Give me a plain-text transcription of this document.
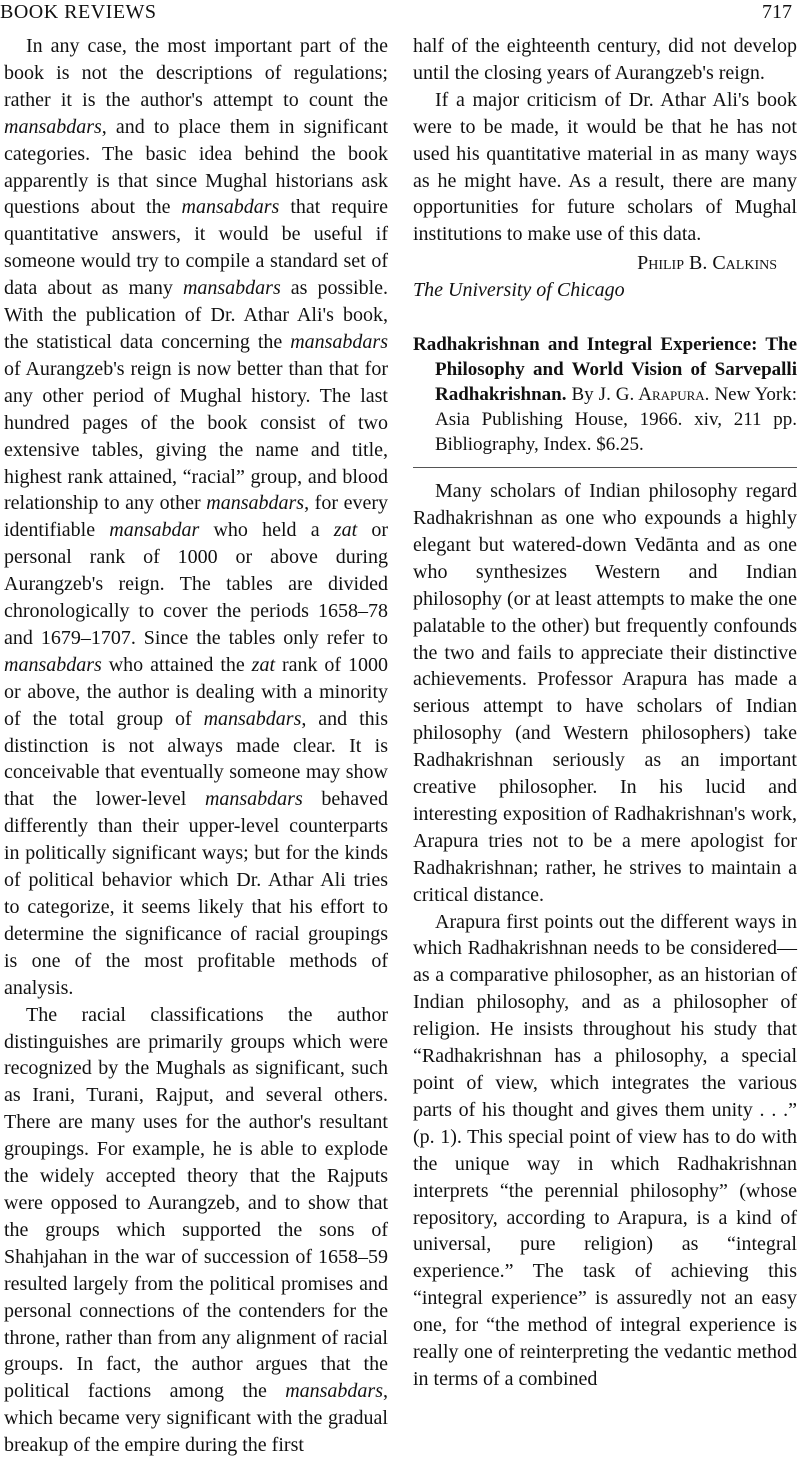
BOOK REVIEWS	717

In any case, the most important part of the book is not the descriptions of regulations; rather it is the author's attempt to count the mansabdars, and to place them in significant categories. The basic idea behind the book apparently is that since Mughal historians ask questions about the mansabdars that require quantitative answers, it would be useful if someone would try to compile a standard set of data about as many mansabdars as possible. With the publication of Dr. Athar Ali's book, the statistical data concerning the mansabdars of Aurangzeb's reign is now better than that for any other period of Mughal history. The last hundred pages of the book consist of two extensive tables, giving the name and title, highest rank attained, “racial” group, and blood relationship to any other mansabdars, for every identifiable mansabdar who held a zat or personal rank of 1000 or above during Aurangzeb's reign. The tables are divided chronologically to cover the periods 1658–78 and 1679–1707. Since the tables only refer to mansabdars who attained the zat rank of 1000 or above, the author is dealing with a minority of the total group of mansabdars, and this distinction is not always made clear. It is conceivable that eventually someone may show that the lower-level mansabdars behaved differently than their upper-level counterparts in politically significant ways; but for the kinds of political behavior which Dr. Athar Ali tries to categorize, it seems likely that his effort to determine the significance of racial groupings is one of the most profitable methods of analysis.

The racial classifications the author distinguishes are primarily groups which were recognized by the Mughals as significant, such as Irani, Turani, Rajput, and several others. There are many uses for the author's resultant groupings. For example, he is able to explode the widely accepted theory that the Rajputs were opposed to Aurangzeb, and to show that the groups which supported the sons of Shahjahan in the war of succession of 1658–59 resulted largely from the political promises and personal connections of the contenders for the throne, rather than from any alignment of racial groups. In fact, the author argues that the political factions among the mansabdars, which became very significant with the gradual breakup of the empire during the first

half of the eighteenth century, did not develop until the closing years of Aurangzeb's reign.

If a major criticism of Dr. Athar Ali's book were to be made, it would be that he has not used his quantitative material in as many ways as he might have. As a result, there are many opportunities for future scholars of Mughal institutions to make use of this data.

Philip B. Calkins

The University of Chicago

Radhakrishnan and Integral Experience: The Philosophy and World Vision of Sarvepalli Radhakrishnan. By J. G. Arapura. New York: Asia Publishing House, 1966. xiv, 211 pp. Bibliography, Index. $6.25.

Many scholars of Indian philosophy regard Radhakrishnan as one who expounds a highly elegant but watered-down Vedānta and as one who synthesizes Western and Indian philosophy (or at least attempts to make the one palatable to the other) but frequently confounds the two and fails to appreciate their distinctive achievements. Professor Arapura has made a serious attempt to have scholars of Indian philosophy (and Western philosophers) take Radhakrishnan seriously as an important creative philosopher. In his lucid and interesting exposition of Radhakrishnan's work, Arapura tries not to be a mere apologist for Radhakrishnan; rather, he strives to maintain a critical distance.

Arapura first points out the different ways in which Radhakrishnan needs to be considered—as a comparative philosopher, as an historian of Indian philosophy, and as a philosopher of religion. He insists throughout his study that “Radhakrishnan has a philosophy, a special point of view, which integrates the various parts of his thought and gives them unity . . .” (p. 1). This special point of view has to do with the unique way in which Radhakrishnan interprets “the perennial philosophy” (whose repository, according to Arapura, is a kind of universal, pure religion) as “integral experience.” The task of achieving this “integral experience” is assuredly not an easy one, for “the method of integral experience is really one of reinterpreting the vedantic method in terms of a combined
